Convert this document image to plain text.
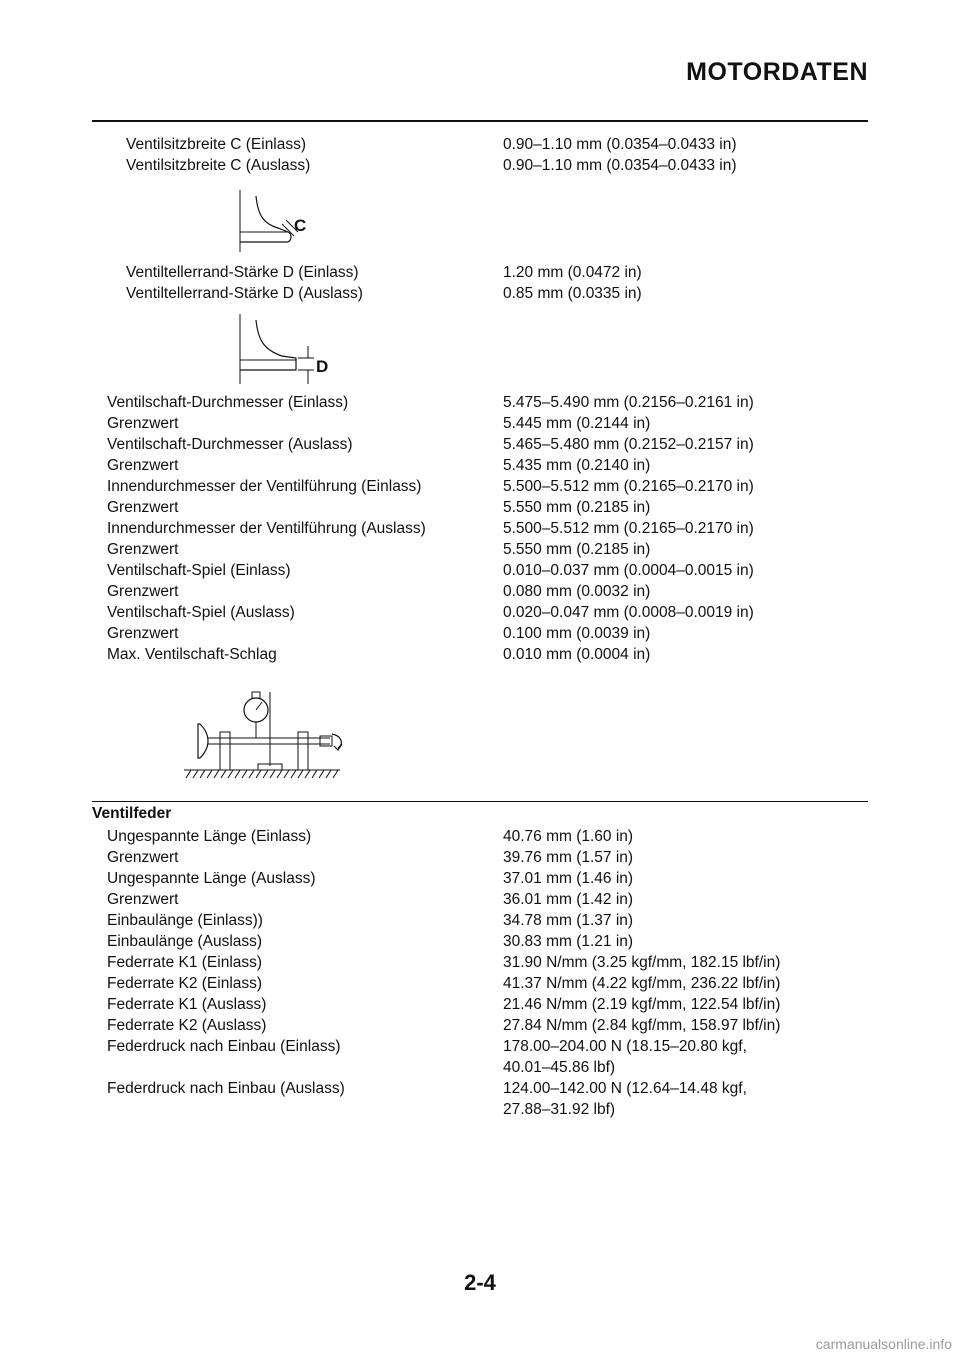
MOTORDATEN
Ventilsitzbreite C (Einlass)	0.90–1.10 mm (0.0354–0.0433 in)
Ventilsitzbreite C (Auslass)	0.90–1.10 mm (0.0354–0.0433 in)
C
Ventiltellerrand-Stärke D (Einlass)	1.20 mm (0.0472 in)
Ventiltellerrand-Stärke D (Auslass)	0.85 mm (0.0335 in)
D
Ventilschaft-Durchmesser (Einlass)	5.475–5.490 mm (0.2156–0.2161 in)
Grenzwert	5.445 mm (0.2144 in)
Ventilschaft-Durchmesser (Auslass)	5.465–5.480 mm (0.2152–0.2157 in)
Grenzwert	5.435 mm (0.2140 in)
Innendurchmesser der Ventilführung (Einlass)	5.500–5.512 mm (0.2165–0.2170 in)
Grenzwert	5.550 mm (0.2185 in)
Innendurchmesser der Ventilführung (Auslass)	5.500–5.512 mm (0.2165–0.2170 in)
Grenzwert	5.550 mm (0.2185 in)
Ventilschaft-Spiel (Einlass)	0.010–0.037 mm (0.0004–0.0015 in)
Grenzwert	0.080 mm (0.0032 in)
Ventilschaft-Spiel (Auslass)	0.020–0.047 mm (0.0008–0.0019 in)
Grenzwert	0.100 mm (0.0039 in)
Max. Ventilschaft-Schlag	0.010 mm (0.0004 in)
Ventilfeder
Ungespannte Länge (Einlass)	40.76 mm (1.60 in)
Grenzwert	39.76 mm (1.57 in)
Ungespannte Länge (Auslass)	37.01 mm (1.46 in)
Grenzwert	36.01 mm (1.42 in)
Einbaulänge (Einlass))	34.78 mm (1.37 in)
Einbaulänge (Auslass)	30.83 mm (1.21 in)
Federrate K1 (Einlass)	31.90 N/mm (3.25 kgf/mm, 182.15 lbf/in)
Federrate K2 (Einlass)	41.37 N/mm (4.22 kgf/mm, 236.22 lbf/in)
Federrate K1 (Auslass)	21.46 N/mm (2.19 kgf/mm, 122.54 lbf/in)
Federrate K2 (Auslass)	27.84 N/mm (2.84 kgf/mm, 158.97 lbf/in)
Federdruck nach Einbau (Einlass)	178.00–204.00 N (18.15–20.80 kgf,
40.01–45.86 lbf)
Federdruck nach Einbau (Auslass)	124.00–142.00 N (12.64–14.48 kgf,
27.88–31.92 lbf)
2-4
carmanualsonline.info
